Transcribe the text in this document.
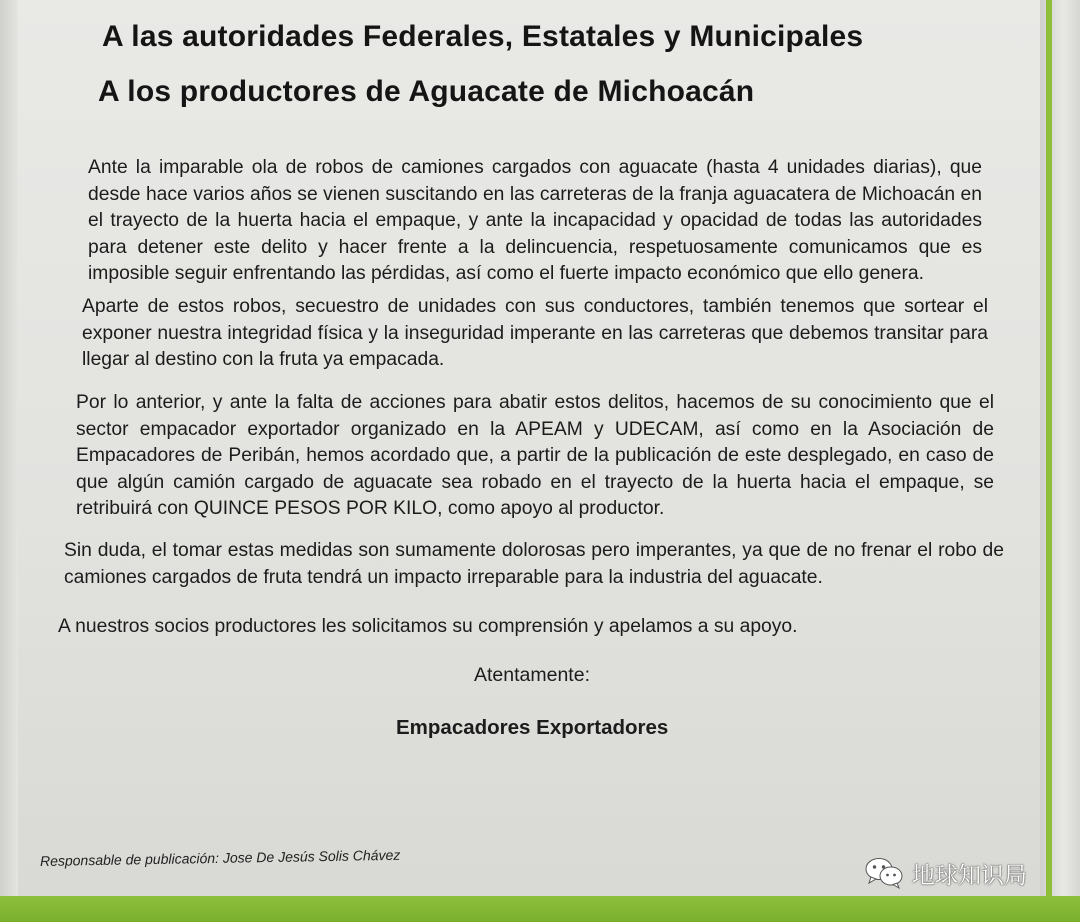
A las autoridades Federales, Estatales y Municipales
A los productores de Aguacate de Michoacán

Ante la imparable ola de robos de camiones cargados con aguacate (hasta 4 unidades diarias), que desde hace varios años se vienen suscitando en las carreteras de la franja aguacatera de Michoacán en el trayecto de la huerta hacia el empaque, y ante la incapacidad y opacidad de todas las autoridades para detener este delito y hacer frente a la delincuencia, respetuosamente comunicamos que es imposible seguir enfrentando las pérdidas, así como el fuerte impacto económico que ello genera.

Aparte de estos robos, secuestro de unidades con sus conductores, también tenemos que sortear el exponer nuestra integridad física y la inseguridad imperante en las carreteras que debemos transitar para llegar al destino con la fruta ya empacada.

Por lo anterior, y ante la falta de acciones para abatir estos delitos, hacemos de su conocimiento que el sector empacador exportador organizado en la APEAM y UDECAM, así como en la Asociación de Empacadores de Peribán, hemos acordado que, a partir de la publicación de este desplegado, en caso de que algún camión cargado de aguacate sea robado en el trayecto de la huerta hacia el empaque, se retribuirá con QUINCE PESOS POR KILO, como apoyo al productor.

Sin duda, el tomar estas medidas son sumamente dolorosas pero imperantes, ya que de no frenar el robo de camiones cargados de fruta tendrá un impacto irreparable para la industria del aguacate.

A nuestros socios productores les solicitamos su comprensión y apelamos a su apoyo.

Atentamente:

Empacadores Exportadores

Responsable de publicación: Jose De Jesús Solis Chávez

地球知识局
